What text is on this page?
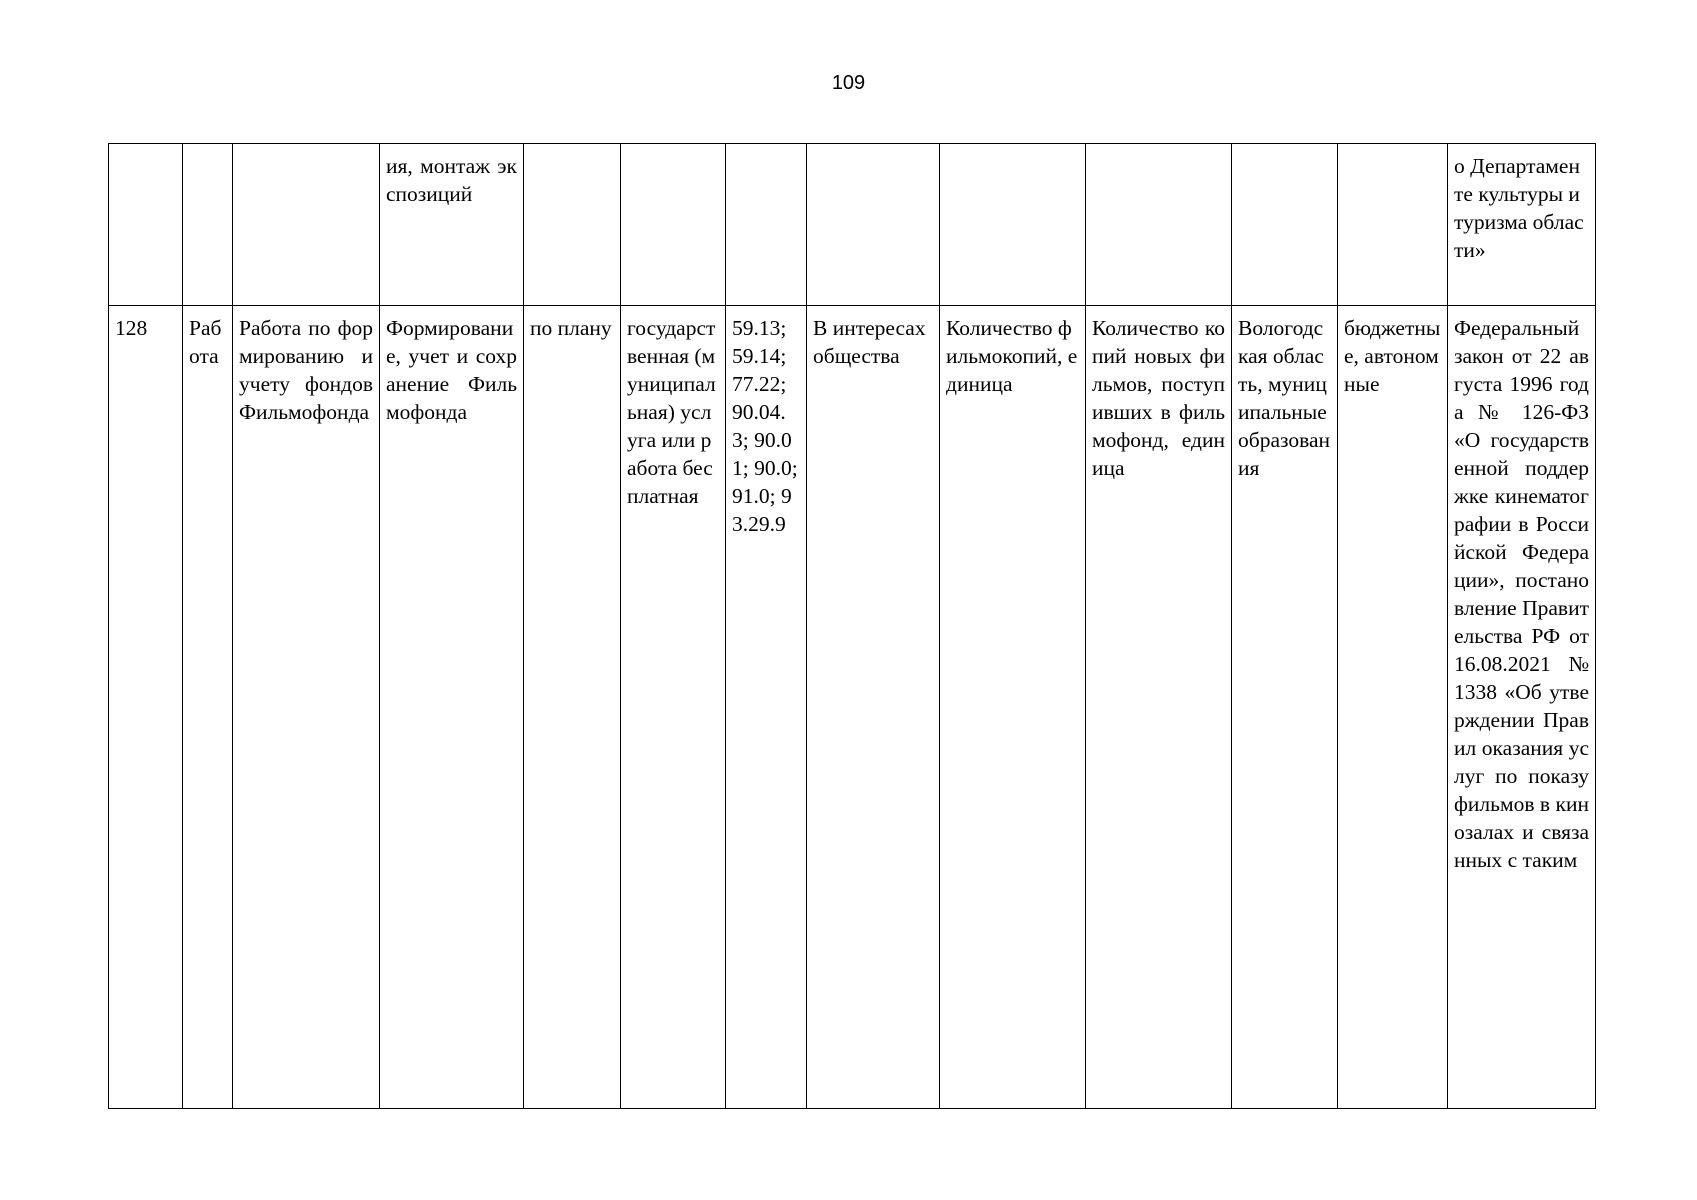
109

			ия, монтаж экспозиций									о Департаменте культуры и туризма области»

128	Работа	Работа по формированию и учету фондов Фильмофонда	Формирование, учет и сохранение Фильмофонда	по плану	государственная (муниципальная) услуга или работа бесплатная	59.13; 59.14; 77.22; 90.04.3; 90.01; 90.0; 91.0; 93.29.9	В интересах общества	Количество фильмокопий, единица	Количество копий новых фильмов, поступивших в фильмофонд, единица	Вологодская область, муниципальные образования	бюджетные, автономные	Федеральный закон от 22 августа 1996 года № 126-ФЗ «О государственной поддержке кинематографии в Российской Федерации», постановление Правительства РФ от 16.08.2021 № 1338 «Об утверждении Правил оказания услуг по показу фильмов в кинозалах и связанных с таким
